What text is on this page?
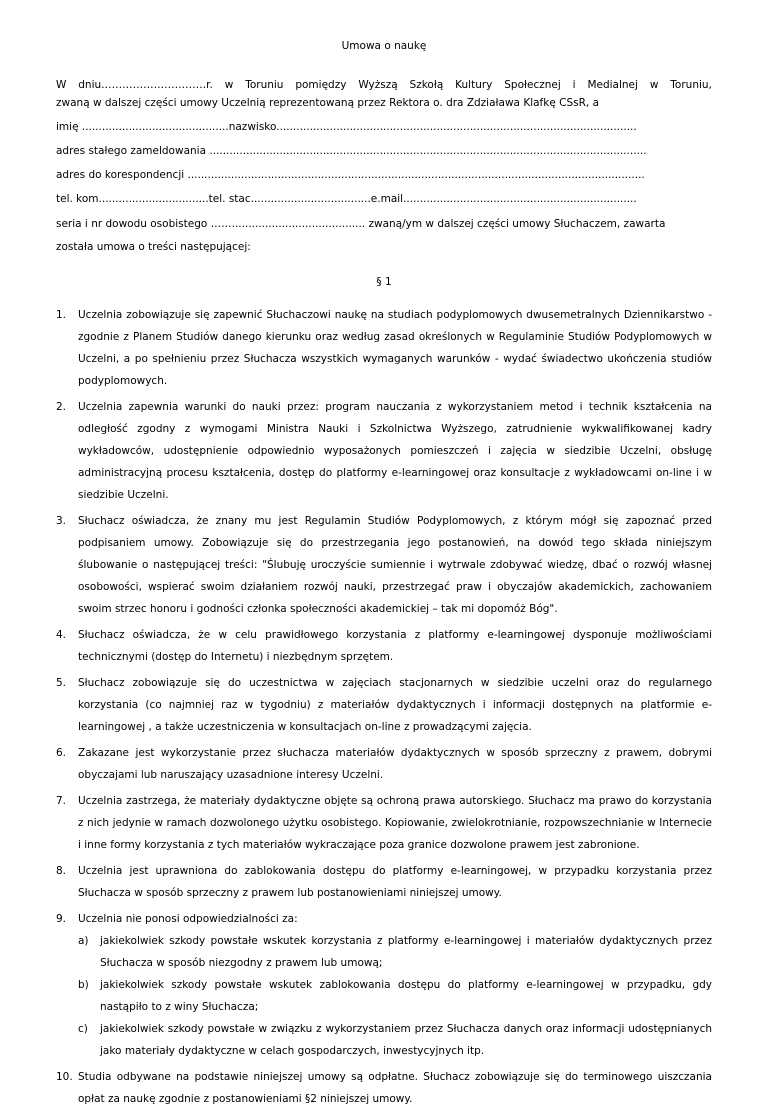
Umowa o naukę
W dniu…………………………r. w Toruniu pomiędzy Wyższą Szkołą Kultury Społecznej i Medialnej w Toruniu,
zwaną w dalszej części umowy Uczelnią reprezentowaną przez Rektora o. dra Zdziaława Klafkę CSsR, a
imię ............................................nazwisko............................................................................................................
adres stałego zameldowania ...................................................................................................................................
adres do korespondencji .........................................................................................................................................
tel. kom.................................tel. stac....................................e.mail......................................................................
seria i nr dowodu osobistego ……........................................ zwaną/ym w dalszej części umowy Słuchaczem, zawarta
została umowa o treści następującej:
§ 1
1. Uczelnia zobowiązuje się zapewnić Słuchaczowi naukę na studiach podyplomowych dwusemetralnych Dziennikarstwo - zgodnie z Planem Studiów danego kierunku oraz według zasad określonych w Regulaminie Studiów Podyplomowych w Uczelni, a po spełnieniu przez Słuchacza wszystkich wymaganych warunków - wydać świadectwo ukończenia studiów podyplomowych.
2. Uczelnia zapewnia warunki do nauki przez: program nauczania z wykorzystaniem metod i technik kształcenia na odległość zgodny z wymogami Ministra Nauki i Szkolnictwa Wyższego, zatrudnienie wykwalifikowanej kadry wykładowców, udostępnienie odpowiednio wyposażonych pomieszczeń i zajęcia w siedzibie Uczelni, obsługę administracyjną procesu kształcenia, dostęp do platformy e-learningowej oraz konsultacje z wykładowcami on-line i w siedzibie Uczelni.
3. Słuchacz oświadcza, że znany mu jest Regulamin Studiów Podyplomowych, z którym mógł się zapoznać przed podpisaniem umowy. Zobowiązuje się do przestrzegania jego postanowień, na dowód tego składa niniejszym ślubowanie o następującej treści: "Ślubuję uroczyście sumiennie i wytrwale zdobywać wiedzę, dbać o rozwój własnej osobowości, wspierać swoim działaniem rozwój nauki, przestrzegać praw i obyczajów akademickich, zachowaniem swoim strzec honoru i godności członka społeczności akademickiej – tak mi dopomóż Bóg".
4. Słuchacz oświadcza, że w celu prawidłowego korzystania z platformy e-learningowej dysponuje możliwościami technicznymi (dostęp do Internetu) i niezbędnym sprzętem.
5. Słuchacz zobowiązuje się do uczestnictwa w zajęciach stacjonarnych w siedzibie uczelni oraz do regularnego korzystania (co najmniej raz w tygodniu) z materiałów dydaktycznych i informacji dostępnych na platformie e-learningowej , a także uczestniczenia w konsultacjach on-line z prowadzącymi zajęcia.
6. Zakazane jest wykorzystanie przez słuchacza materiałów dydaktycznych w sposób sprzeczny z prawem, dobrymi obyczajami lub naruszający uzasadnione interesy Uczelni.
7. Uczelnia zastrzega, że materiały dydaktyczne objęte są ochroną prawa autorskiego. Słuchacz ma prawo do korzystania z nich jedynie w ramach dozwolonego użytku osobistego. Kopiowanie, zwielokrotnianie, rozpowszechnianie w Internecie i inne formy korzystania z tych materiałów wykraczające poza granice dozwolone prawem jest zabronione.
8. Uczelnia jest uprawniona do zablokowania dostępu do platformy e-learningowej, w przypadku korzystania przez Słuchacza w sposób sprzeczny z prawem lub postanowieniami niniejszej umowy.
9. Uczelnia nie ponosi odpowiedzialności za:
a) jakiekolwiek szkody powstałe wskutek korzystania z platformy e-learningowej i materiałów dydaktycznych przez Słuchacza w sposób niezgodny z prawem lub umową;
b) jakiekolwiek szkody powstałe wskutek zablokowania dostępu do platformy e-learningowej w przypadku, gdy nastąpiło to z winy Słuchacza;
c) jakiekolwiek szkody powstałe w związku z wykorzystaniem przez Słuchacza danych oraz informacji udostępnianych jako materiały dydaktyczne w celach gospodarczych, inwestycyjnych itp.
10. Studia odbywane na podstawie niniejszej umowy są odpłatne. Słuchacz zobowiązuje się do terminowego uiszczania opłat za naukę zgodnie z postanowieniami §2 niniejszej umowy.
